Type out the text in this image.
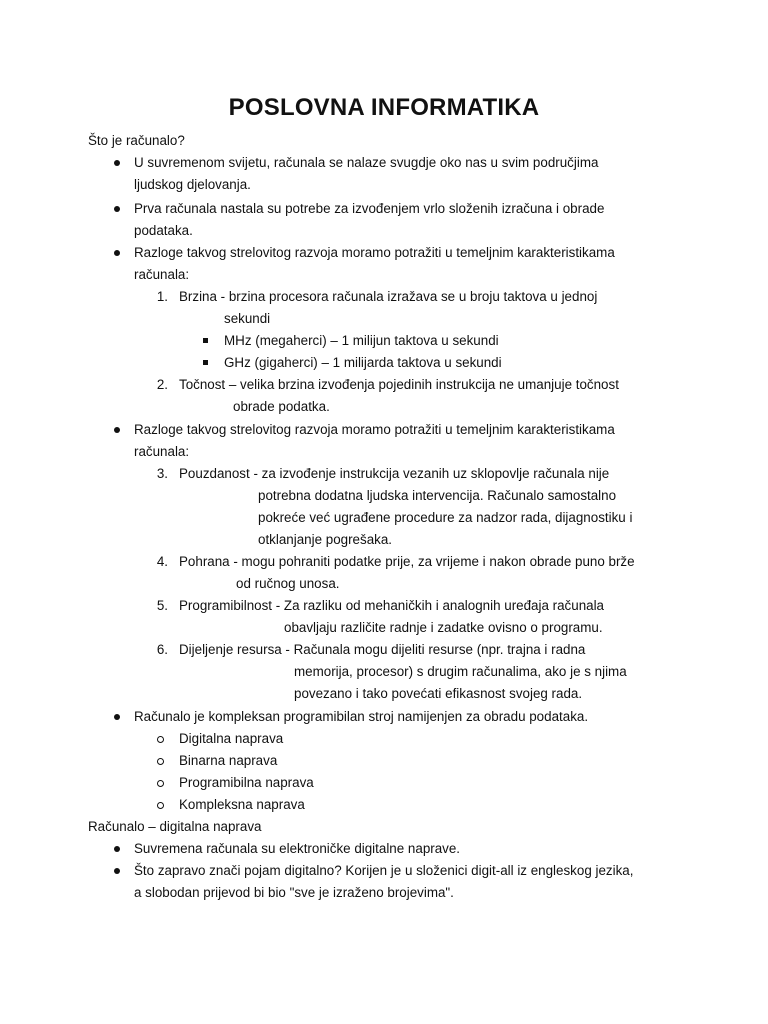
POSLOVNA INFORMATIKA
Što je računalo?
U suvremenom svijetu, računala se nalaze svugdje oko nas u svim područjima
ljudskog djelovanja.
Prva računala nastala su potrebe za izvođenjem vrlo složenih izračuna i obrade
podataka.
Razloge takvog strelovitog razvoja moramo potražiti u temeljnim karakteristikama
računala:
1. Brzina - brzina procesora računala izražava se u broju taktova u jednoj
sekundi
MHz (megaherci) – 1 milijun taktova u sekundi
GHz (gigaherci) – 1 milijarda taktova u sekundi
2. Točnost – velika brzina izvođenja pojedinih instrukcija ne umanjuje točnost
obrade podatka.
Razloge takvog strelovitog razvoja moramo potražiti u temeljnim karakteristikama
računala:
3. Pouzdanost - za izvođenje instrukcija vezanih uz sklopovlje računala nije
potrebna dodatna ljudska intervencija. Računalo samostalno
pokreće već ugrađene procedure za nadzor rada, dijagnostiku i
otklanjanje pogrešaka.
4. Pohrana - mogu pohraniti podatke prije, za vrijeme i nakon obrade puno brže
od ručnog unosa.
5. Programibilnost - Za razliku od mehaničkih i analognih uređaja računala
obavljaju različite radnje i zadatke ovisno o programu.
6. Dijeljenje resursa - Računala mogu dijeliti resurse (npr. trajna i radna
memorija, procesor) s drugim računalima, ako je s njima
povezano i tako povećati efikasnost svojeg rada.
Računalo je kompleksan programibilan stroj namijenjen za obradu podataka.
Digitalna naprava
Binarna naprava
Programibilna naprava
Kompleksna naprava
Računalo – digitalna naprava
Suvremena računala su elektroničke digitalne naprave.
Što zapravo znači pojam digitalno? Korijen je u složenici digit-all iz engleskog jezika,
a slobodan prijevod bi bio "sve je izraženo brojevima".
